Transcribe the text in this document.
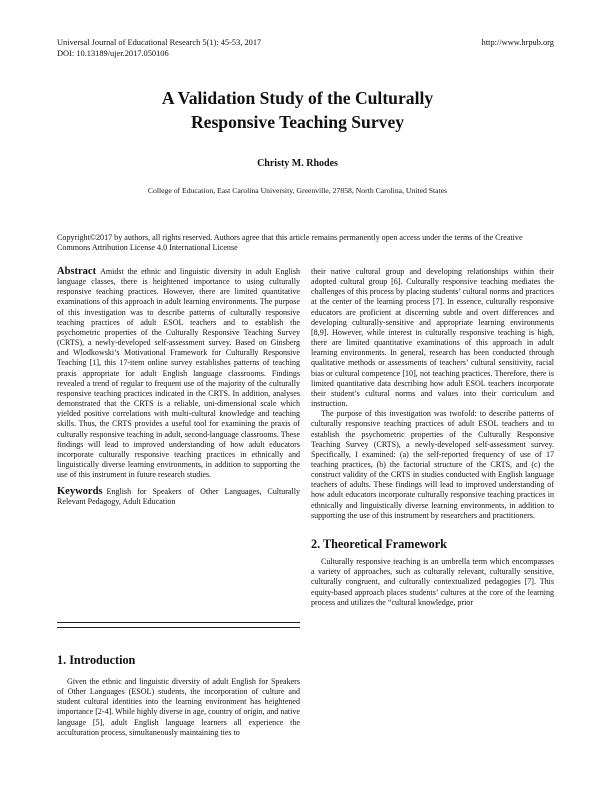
Universal Journal of Educational Research 5(1): 45-53, 2017
DOI: 10.13189/ujer.2017.050106
http://www.hrpub.org
A Validation Study of the Culturally
Responsive Teaching Survey
Christy M. Rhodes
College of Education, East Carolina University, Greenville, 27858, North Carolina, United States
Copyright©2017 by authors, all rights reserved. Authors agree that this article remains permanently open access under the terms of the Creative Commons Attribution License 4.0 International License

Abstract Amidst the ethnic and linguistic diversity in adult English language classes, there is heightened importance to using culturally responsive teaching practices. However, there are limited quantitative examinations of this approach in adult learning environments. The purpose of this investigation was to describe patterns of culturally responsive teaching practices of adult ESOL teachers and to establish the psychometric properties of the Culturally Responsive Teaching Survey (CRTS), a newly-developed self-assessment survey. Based on Ginsberg and Wlodkowski’s Motivational Framework for Culturally Responsive Teaching [1], this 17-item online survey establishes patterns of teaching praxis appropriate for adult English language classrooms. Findings revealed a trend of regular to frequent use of the majority of the culturally responsive teaching practices indicated in the CRTS. In addition, analyses demonstrated that the CRTS is a reliable, uni-dimensional scale which yielded positive correlations with multi-cultural knowledge and teaching skills. Thus, the CRTS provides a useful tool for examining the praxis of culturally responsive teaching in adult, second-language classrooms. These findings will lead to improved understanding of how adult educators incorporate culturally responsive teaching practices in ethnically and linguistically diverse learning environments, in addition to supporting the use of this instrument in future research studies.

Keywords English for Speakers of Other Languages, Culturally Relevant Pedagogy, Adult Education

1. Introduction

Given the ethnic and linguistic diversity of adult English for Speakers of Other Languages (ESOL) students, the incorporation of culture and student cultural identities into the learning environment has heightened importance [2-4]. While highly diverse in age, country of origin, and native language [5], adult English language learners all experience the acculturation process, simultaneously maintaining ties to

their native cultural group and developing relationships within their adopted cultural group [6]. Culturally responsive teaching mediates the challenges of this process by placing students’ cultural norms and practices at the center of the learning process [7]. In essence, culturally responsive educators are proficient at discerning subtle and overt differences and developing culturally-sensitive and appropriate learning environments [8,9]. However, while interest in culturally responsive teaching is high, there are limited quantitative examinations of this approach in adult learning environments. In general, research has been conducted through qualitative methods or assessments of teachers’ cultural sensitivity, racial bias or cultural competence [10], not teaching practices. Therefore, there is limited quantitative data describing how adult ESOL teachers incorporate their student’s cultural norms and values into their curriculum and instruction.

The purpose of this investigation was twofold: to describe patterns of culturally responsive teaching practices of adult ESOL teachers and to establish the psychometric properties of the Culturally Responsive Teaching Survey (CRTS), a newly-developed self-assessment survey. Specifically, I examined: (a) the self-reported frequency of use of 17 teaching practices, (b) the factorial structure of the CRTS, and (c) the construct validity of the CRTS in studies conducted with English language teachers of adults. These findings will lead to improved understanding of how adult educators incorporate culturally responsive teaching practices in ethnically and linguistically diverse learning environments, in addition to supporting the use of this instrument by researchers and practitioners.

2. Theoretical Framework

Culturally responsive teaching is an umbrella term which encompasses a variety of approaches, such as culturally relevant, culturally sensitive, culturally congruent, and culturally contextualized pedagogies [7]. This equity-based approach places students’ cultures at the core of the learning process and utilizes the “cultural knowledge, prior
